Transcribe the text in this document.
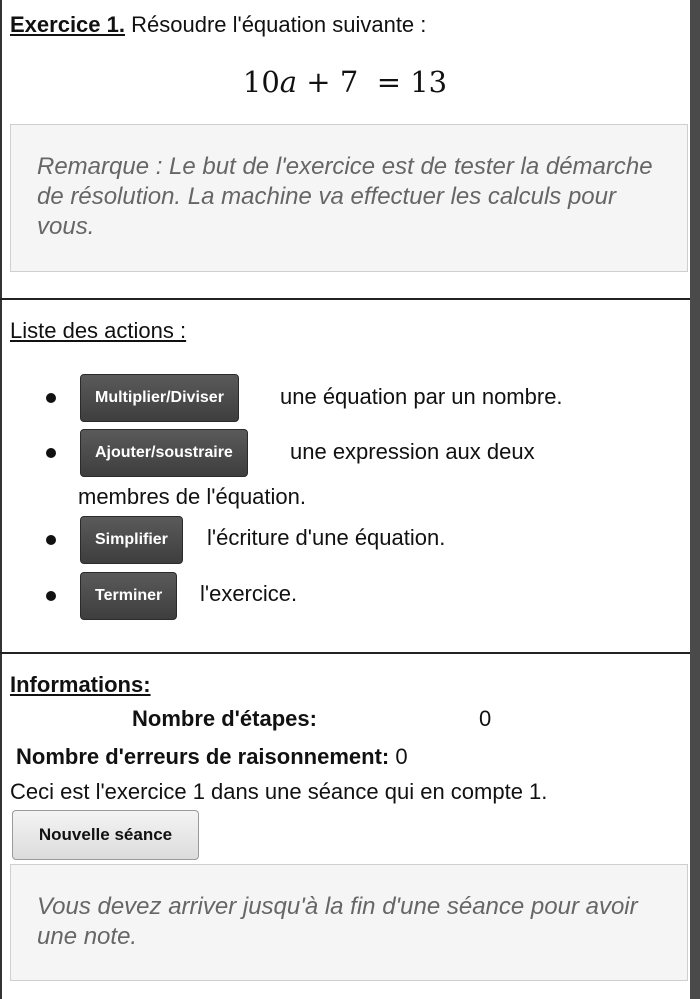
Exercice 1. Résoudre l'équation suivante :
10a + 7  = 13
Remarque : Le but de l'exercice est de tester la démarche de résolution. La machine va effectuer les calculs pour vous.
Liste des actions :
Multiplier/Diviser	une équation par un nombre.
Ajouter/soustraire	une expression aux deux
membres de l'équation.
Simplifier	l'écriture d'une équation.
Terminer	l'exercice.
Informations:
Nombre d'étapes:	0
Nombre d'erreurs de raisonnement: 0
Ceci est l'exercice 1 dans une séance qui en compte 1.
Nouvelle séance
Vous devez arriver jusqu'à la fin d'une séance pour avoir une note.
